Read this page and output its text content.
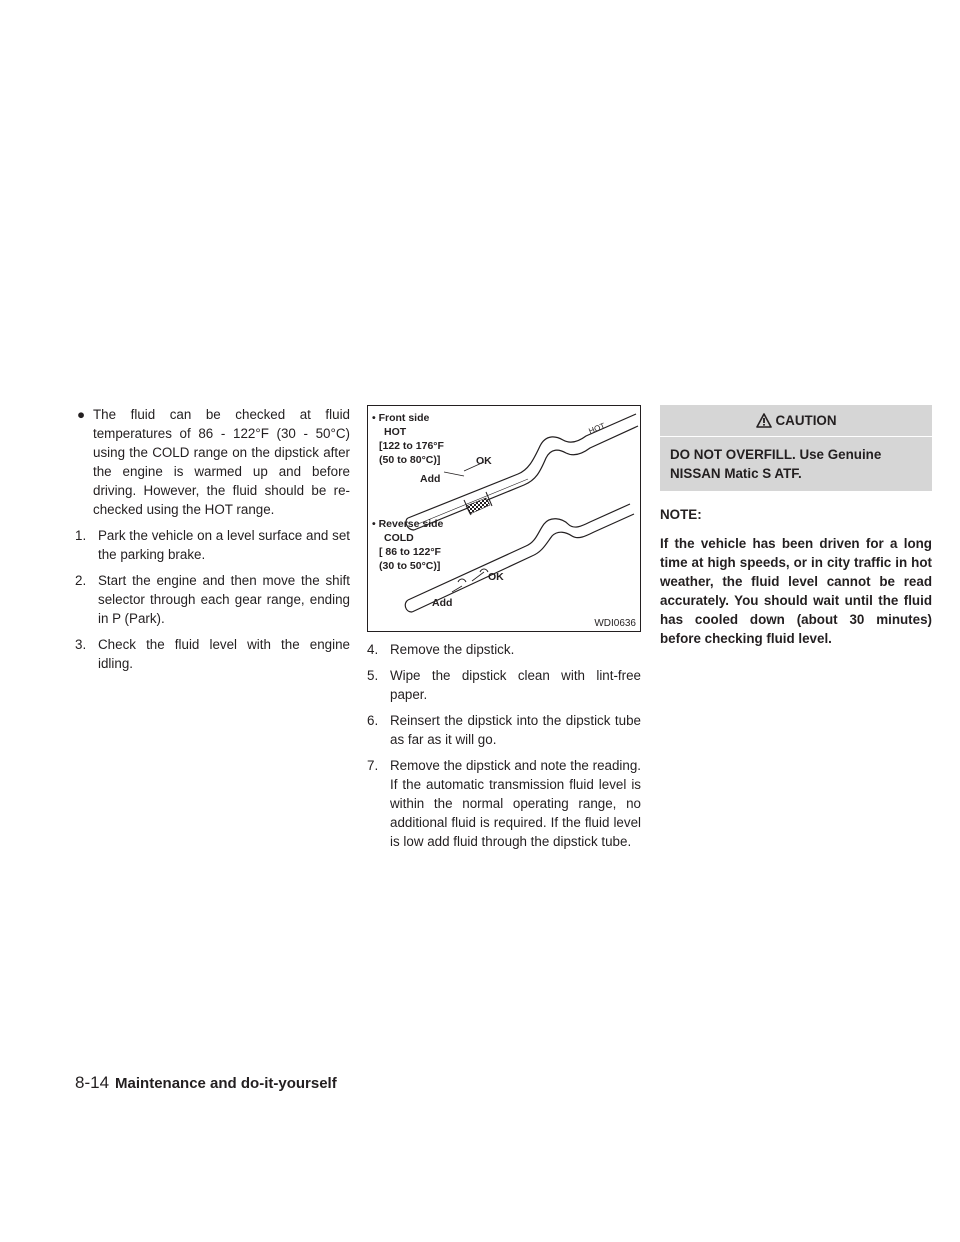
● The fluid can be checked at fluid temperatures of 86 - 122°F (30 - 50°C) using the COLD range on the dipstick after the engine is warmed up and before driving. However, the fluid should be re-checked using the HOT range.
1. Park the vehicle on a level surface and set the parking brake.
2. Start the engine and then move the shift selector through each gear range, ending in P (Park).
3. Check the fluid level with the engine idling.
• Front side
HOT
[122 to 176°F
(50 to 80°C)]	OK
Add
HOT
• Reverse side
COLD
[ 86 to 122°F
(30 to 50°C)]
OK
Add
WDI0636
4. Remove the dipstick.
5. Wipe the dipstick clean with lint-free paper.
6. Reinsert the dipstick into the dipstick tube as far as it will go.
7. Remove the dipstick and note the reading. If the automatic transmission fluid level is within the normal operating range, no additional fluid is required. If the fluid level is low add fluid through the dipstick tube.
CAUTION
DO NOT OVERFILL. Use Genuine NISSAN Matic S ATF.
NOTE:
If the vehicle has been driven for a long time at high speeds, or in city traffic in hot weather, the fluid level cannot be read accurately. You should wait until the fluid has cooled down (about 30 minutes) before checking fluid level.
8-14 Maintenance and do-it-yourself
